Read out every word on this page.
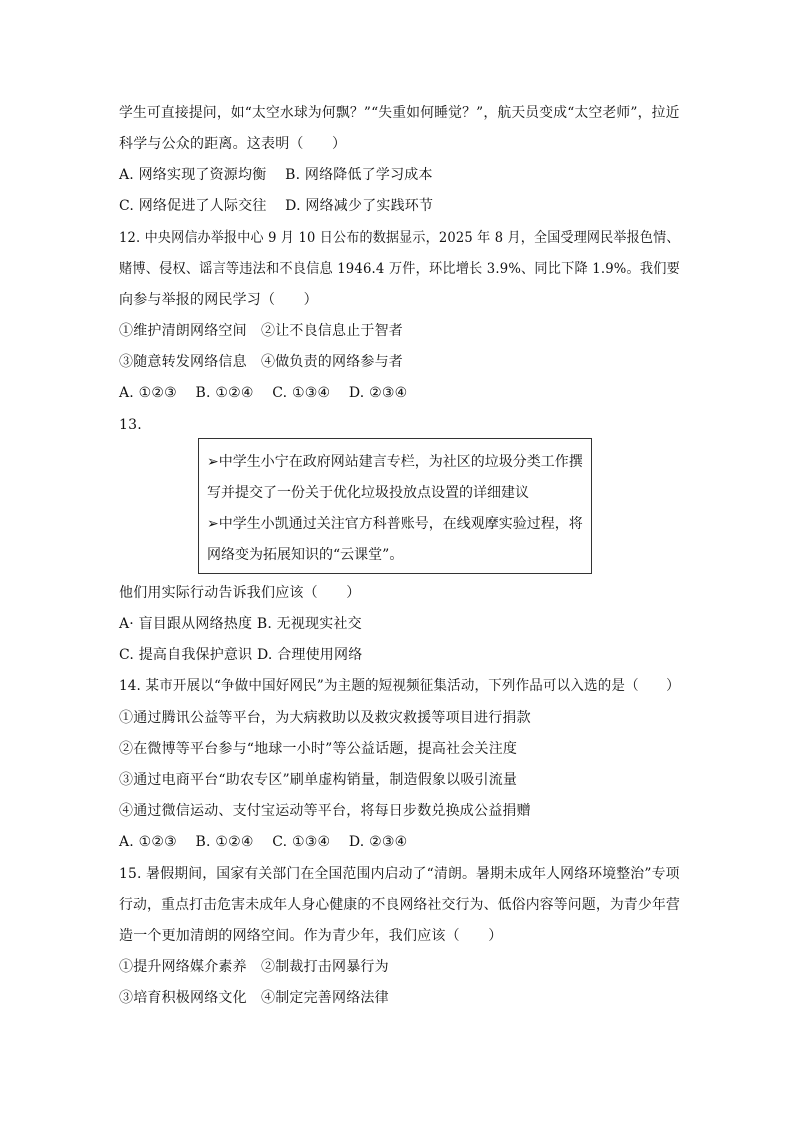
学生可直接提问，如“太空水球为何飘？”“失重如何睡觉？”，航天员变成“太空老师”，拉近
科学与公众的距离。这表明（　　）
A. 网络实现了资源均衡 B. 网络降低了学习成本
C. 网络促进了人际交往 D. 网络减少了实践环节
12. 中央网信办举报中心 9 月 10 日公布的数据显示，2025 年 8 月，全国受理网民举报色情、
赌博、侵权、谣言等违法和不良信息 1946.4 万件，环比增长 3.9%、同比下降 1.9%。我们要
向参与举报的网民学习（　　）
①维护清朗网络空间　②让不良信息止于智者
③随意转发网络信息　④做负责的网络参与者
A. ①②③ B. ①②④ C. ①③④ D. ②③④
13.
➢中学生小宁在政府网站建言专栏，为社区的垃圾分类工作撰
写并提交了一份关于优化垃圾投放点设置的详细建议
➢中学生小凯通过关注官方科普账号，在线观摩实验过程，将
网络变为拓展知识的“云课堂”。
他们用实际行动告诉我们应该（　　）
A· 盲目跟从网络热度 B. 无视现实社交
C. 提高自我保护意识 D. 合理使用网络
14. 某市开展以“争做中国好网民”为主题的短视频征集活动，下列作品可以入选的是（　　）
①通过腾讯公益等平台，为大病救助以及救灾救援等项目进行捐款
②在微博等平台参与“地球一小时”等公益话题，提高社会关注度
③通过电商平台“助农专区”刷单虚构销量，制造假象以吸引流量
④通过微信运动、支付宝运动等平台，将每日步数兑换成公益捐赠
A. ①②③ B. ①②④ C. ①③④ D. ②③④
15. 暑假期间，国家有关部门在全国范围内启动了“清朗。暑期未成年人网络环境整治”专项
行动，重点打击危害未成年人身心健康的不良网络社交行为、低俗内容等问题，为青少年营
造一个更加清朗的网络空间。作为青少年，我们应该（　　）
①提升网络媒介素养　②制裁打击网暴行为
③培育积极网络文化　④制定完善网络法律
